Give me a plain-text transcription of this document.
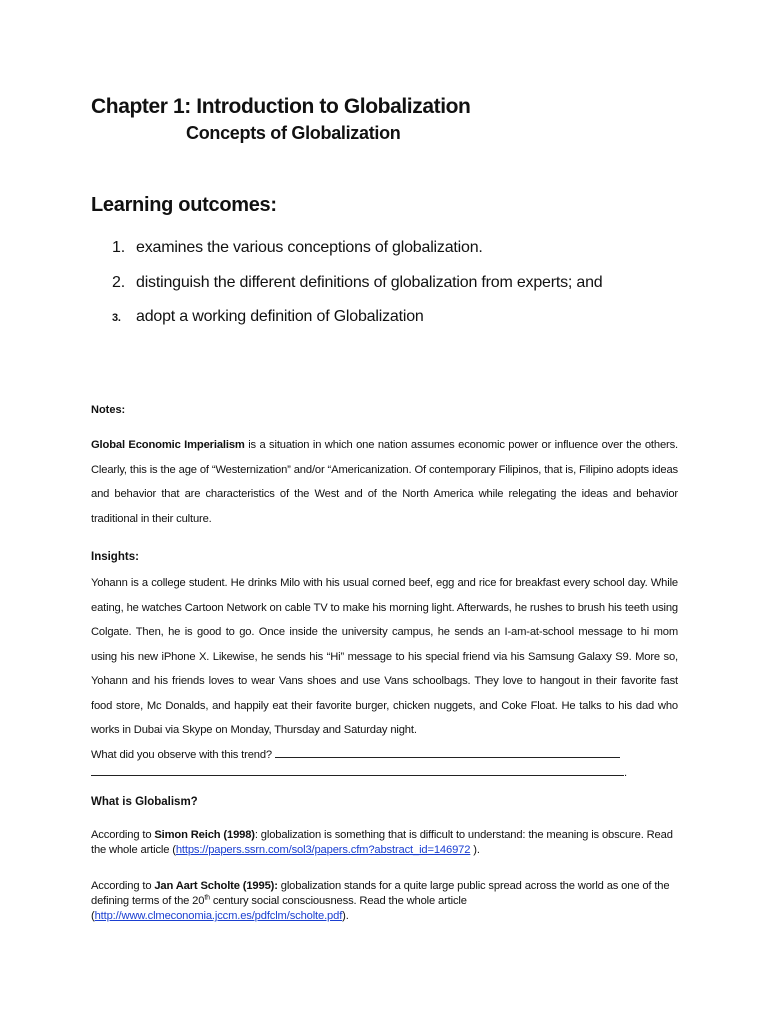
Chapter 1: Introduction to Globalization
Concepts of Globalization
Learning outcomes:
1. examines the various conceptions of globalization.
2. distinguish the different definitions of globalization from experts; and
3. adopt a working definition of Globalization
Notes:
Global Economic Imperialism is a situation in which one nation assumes economic power or influence over the others. Clearly, this is the age of “Westernization” and/or “Americanization. Of contemporary Filipinos, that is, Filipino adopts ideas and behavior that are characteristics of the West and of the North America while relegating the ideas and behavior traditional in their culture.
Insights:
Yohann is a college student. He drinks Milo with his usual corned beef, egg and rice for breakfast every school day. While eating, he watches Cartoon Network on cable TV to make his morning light. Afterwards, he rushes to brush his teeth using Colgate. Then, he is good to go. Once inside the university campus, he sends an I-am-at-school message to hi mom using his new iPhone X. Likewise, he sends his “Hi” message to his special friend via his Samsung Galaxy S9. More so, Yohann and his friends loves to wear Vans shoes and use Vans schoolbags. They love to hangout in their favorite fast food store, Mc Donalds, and happily eat their favorite burger, chicken nuggets, and Coke Float. He talks to his dad who works in Dubai via Skype on Monday, Thursday and Saturday night.
What did you observe with this trend?
.
What is Globalism?
According to Simon Reich (1998): globalization is something that is difficult to understand: the meaning is obscure. Read the whole article (https://papers.ssrn.com/sol3/papers.cfm?abstract_id=146972 ).
According to Jan Aart Scholte (1995): globalization stands for a quite large public spread across the world as one of the defining terms of the 20th century social consciousness. Read the whole article
(http://www.clmeconomia.jccm.es/pdfclm/scholte.pdf).
